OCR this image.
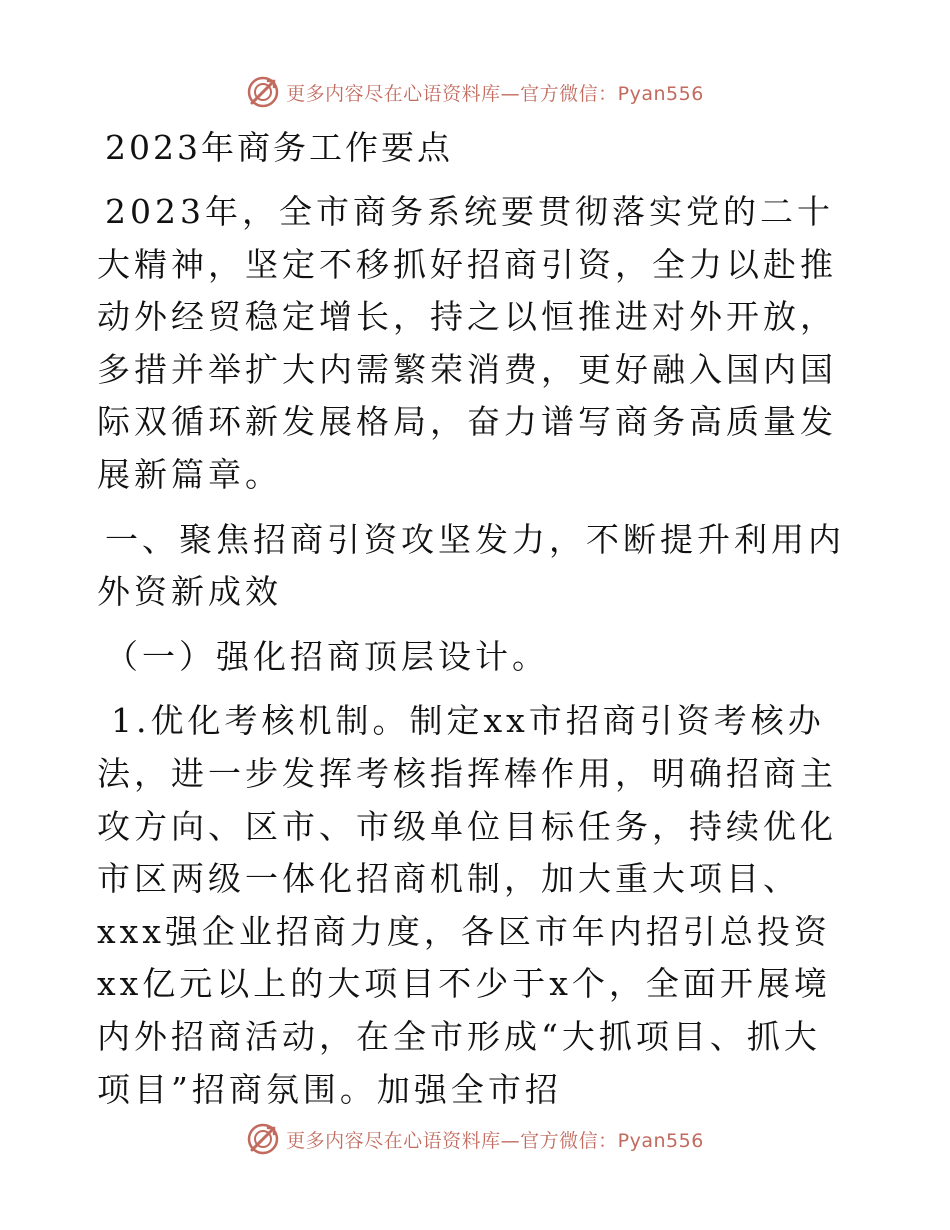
更多内容尽在心语资料库—官方微信：Pyan556
2023年商务工作要点

2023年，全市商务系统要贯彻落实党的二十大精神，坚定不移抓好招商引资，全力以赴推动外经贸稳定增长，持之以恒推进对外开放，多措并举扩大内需繁荣消费，更好融入国内国际双循环新发展格局，奋力谱写商务高质量发展新篇章。

一、聚焦招商引资攻坚发力，不断提升利用内外资新成效

（一）强化招商顶层设计。

1.优化考核机制。制定xx市招商引资考核办法，进一步发挥考核指挥棒作用，明确招商主攻方向、区市、市级单位目标任务，持续优化市区两级一体化招商机制，加大重大项目、xxx强企业招商力度，各区市年内招引总投资xx亿元以上的大项目不少于x个，全面开展境内外招商活动，在全市形成“大抓项目、抓大项目”招商氛围。加强全市招

更多内容尽在心语资料库—官方微信：Pyan556
